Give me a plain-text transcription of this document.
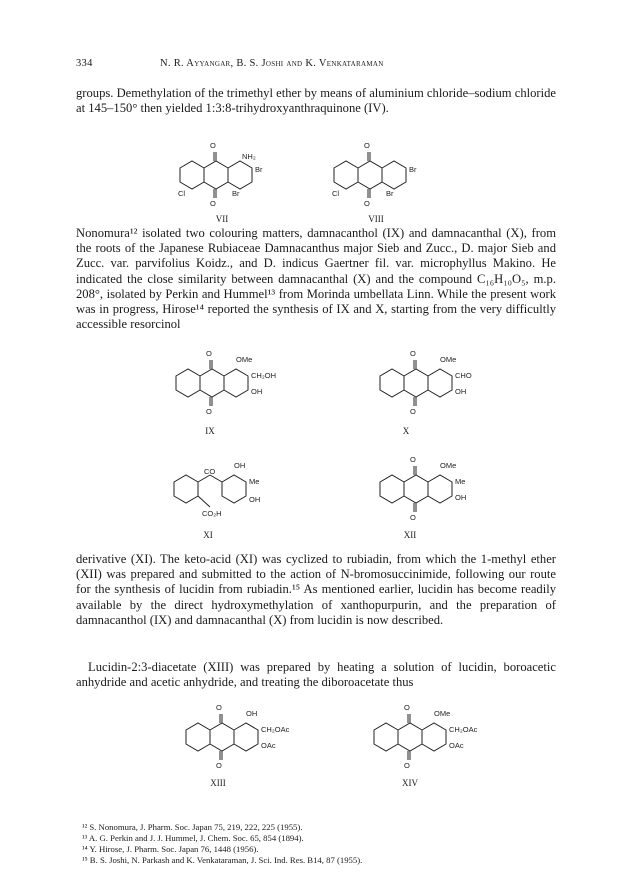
334	N. R. Ayyangar, B. S. Joshi and K. Venkataraman

groups. Demethylation of the trimethyl ether by means of aluminium chloride–sodium chloride at 145–150° then yielded 1:3:8-trihydroxyanthraquinone (IV).

O
O
NH₂
Br
Cl	Br
VII
O
O
Br
Cl	Br
VIII

Nonomura¹² isolated two colouring matters, damnacanthol (IX) and damnacanthal (X), from the roots of the Japanese Rubiaceae Damnacanthus major Sieb and Zucc., D. major Sieb and Zucc. var. parvifolius Koidz., and D. indicus Gaertner fil. var. microphyllus Makino. He indicated the close similarity between damnacanthal (X) and the compound C₁₆H₁₀O₅, m.p. 208°, isolated by Perkin and Hummel¹³ from Morinda umbellata Linn. While the present work was in progress, Hirose¹⁴ reported the synthesis of IX and X, starting from the very difficultly accessible resorcinol

O
O
OMe
CH₂OH
OH
IX
O
O
OMe
CHO
OH
X
CO
OH
Me
OH
CO₂H
XI
O
O
OMe
Me
OH
XII

derivative (XI). The keto-acid (XI) was cyclized to rubiadin, from which the 1-methyl ether (XII) was prepared and submitted to the action of N-bromosuccinimide, following our route for the synthesis of lucidin from rubiadin.¹⁵ As mentioned earlier, lucidin has become readily available by the direct hydroxymethylation of xanthopurpurin, and the preparation of damnacanthol (IX) and damnacanthal (X) from lucidin is now described.

Lucidin-2:3-diacetate (XIII) was prepared by heating a solution of lucidin, boroacetic anhydride and acetic anhydride, and treating the diboroacetate thus

O
O
OH
CH₂OAc
OAc
XIII
O
O
OMe
CH₂OAc
OAc
XIV
¹² S. Nonomura, J. Pharm. Soc. Japan 75, 219, 222, 225 (1955).
¹³ A. G. Perkin and J. J. Hummel, J. Chem. Soc. 65, 854 (1894).
¹⁴ Y. Hirose, J. Pharm. Soc. Japan 76, 1448 (1956).
¹⁵ B. S. Joshi, N. Parkash and K. Venkataraman, J. Sci. Ind. Res. B14, 87 (1955).
